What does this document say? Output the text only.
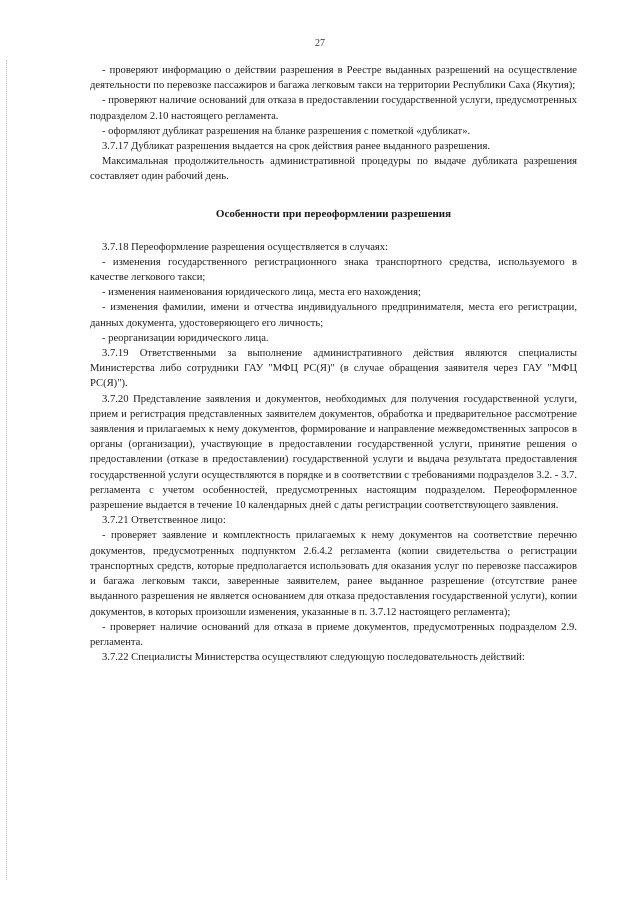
27

- проверяют информацию о действии разрешения в Реестре выданных разрешений на осуществление деятельности по перевозке пассажиров и багажа легковым такси на территории Республики Саха (Якутия);

- проверяют наличие оснований для отказа в предоставлении государственной услуги, предусмотренных подразделом 2.10 настоящего регламента.

- оформляют дубликат разрешения на бланке разрешения с пометкой «дубликат».

3.7.17 Дубликат разрешения выдается на срок действия ранее выданного разрешения.

Максимальная продолжительность административной процедуры по выдаче дубликата разрешения составляет один рабочий день.

Особенности при переоформлении разрешения

3.7.18 Переоформление разрешения осуществляется в случаях:

- изменения государственного регистрационного знака транспортного средства, используемого в качестве легкового такси;

- изменения наименования юридического лица, места его нахождения;

- изменения фамилии, имени и отчества индивидуального предпринимателя, места его регистрации, данных документа, удостоверяющего его личность;

- реорганизации юридического лица.

3.7.19 Ответственными за выполнение административного действия являются специалисты Министерства либо сотрудники ГАУ "МФЦ РС(Я)" (в случае обращения заявителя через ГАУ "МФЦ РС(Я)").

3.7.20 Представление заявления и документов, необходимых для получения государственной услуги, прием и регистрация представленных заявителем документов, обработка и предварительное рассмотрение заявления и прилагаемых к нему документов, формирование и направление межведомственных запросов в органы (организации), участвующие в предоставлении государственной услуги, принятие решения о предоставлении (отказе в предоставлении) государственной услуги и выдача результата предоставления государственной услуги осуществляются в порядке и в соответствии с требованиями подразделов 3.2. - 3.7. регламента с учетом особенностей, предусмотренных настоящим подразделом. Переоформленное разрешение выдается в течение 10 календарных дней с даты регистрации соответствующего заявления.

3.7.21 Ответственное лицо:

- проверяет заявление и комплектность прилагаемых к нему документов на соответствие перечню документов, предусмотренных подпунктом 2.6.4.2 регламента (копии свидетельства о регистрации транспортных средств, которые предполагается использовать для оказания услуг по перевозке пассажиров и багажа легковым такси, заверенные заявителем, ранее выданное разрешение (отсутствие ранее выданного разрешения не является основанием для отказа предоставления государственной услуги), копии документов, в которых произошли изменения, указанные в п. 3.7.12 настоящего регламента);

- проверяет наличие оснований для отказа в приеме документов, предусмотренных подразделом 2.9. регламента.

3.7.22 Специалисты Министерства осуществляют следующую последовательность действий:
